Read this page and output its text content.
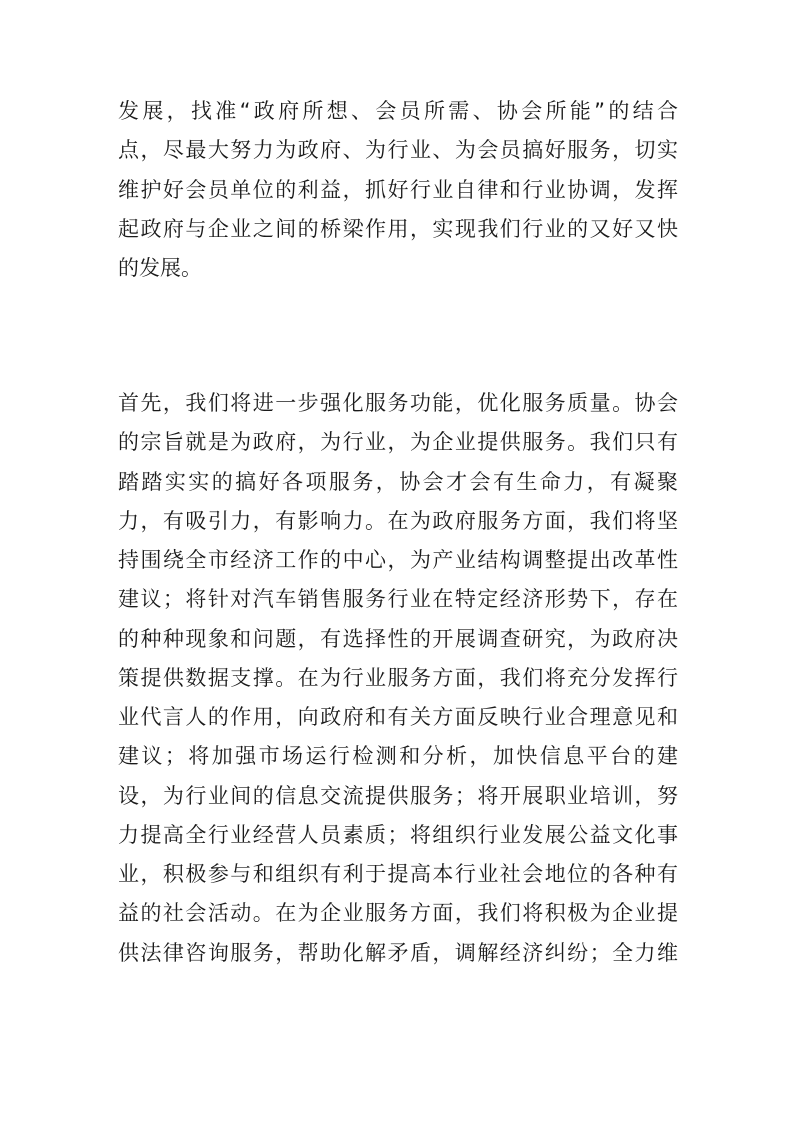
发展，找准“政府所想、会员所需、协会所能”的结合
点，尽最大努力为政府、为行业、为会员搞好服务，切实
维护好会员单位的利益，抓好行业自律和行业协调，发挥
起政府与企业之间的桥梁作用，实现我们行业的又好又快
的发展。
首先，我们将进一步强化服务功能，优化服务质量。协会
的宗旨就是为政府，为行业，为企业提供服务。我们只有
踏踏实实的搞好各项服务，协会才会有生命力，有凝聚
力，有吸引力，有影响力。在为政府服务方面，我们将坚
持围绕全市经济工作的中心，为产业结构调整提出改革性
建议；将针对汽车销售服务行业在特定经济形势下，存在
的种种现象和问题，有选择性的开展调查研究，为政府决
策提供数据支撑。在为行业服务方面，我们将充分发挥行
业代言人的作用，向政府和有关方面反映行业合理意见和
建议；将加强市场运行检测和分析，加快信息平台的建
设，为行业间的信息交流提供服务；将开展职业培训，努
力提高全行业经营人员素质；将组织行业发展公益文化事
业，积极参与和组织有利于提高本行业社会地位的各种有
益的社会活动。在为企业服务方面，我们将积极为企业提
供法律咨询服务，帮助化解矛盾，调解经济纠纷；全力维
